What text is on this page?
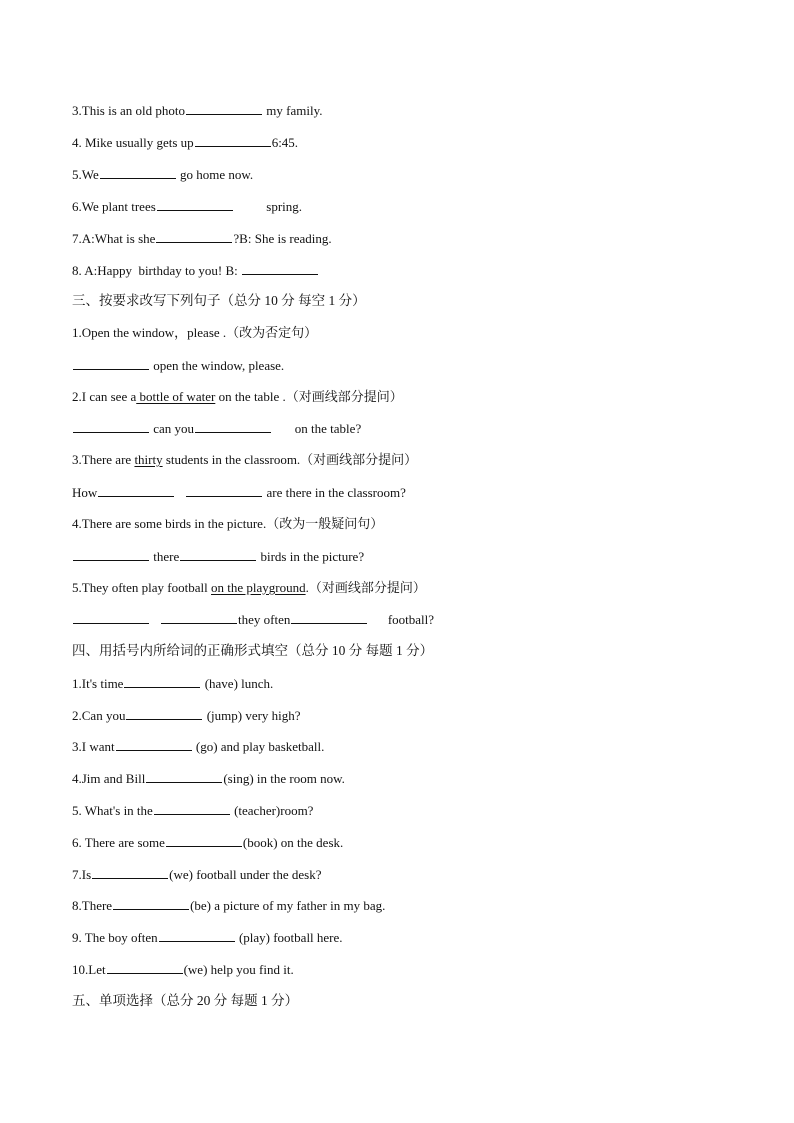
3.This is an old photo	my family.
4. Mike usually gets up	6:45.
5.We	go home now.
6.We plant trees	spring.
7.A:What is she	?B: She is reading.
8. A:Happy  birthday to you! B:
三、按要求改写下列句子（总分 10 分 每空 1 分）
1.Open the window，please .（改为否定句）
open the window, please.
2.I can see a bottle of water on the table .（对画线部分提问）
can you	on the table?
3.There are thirty students in the classroom.（对画线部分提问）
How	are there in the classroom?
4.There are some birds in the picture.（改为一般疑问句）
there	birds in the picture?
5.They often play football on the playground.（对画线部分提问）
they often	football?
四、用括号内所给词的正确形式填空（总分 10 分 每题 1 分）
1.It's time	(have) lunch.
2.Can you	(jump) very high?
3.I want	(go) and play basketball.
4.Jim and Bill	(sing) in the room now.
5. What's in the	(teacher)room?
6. There are some	(book) on the desk.
7.Is	(we) football under the desk?
8.There	(be) a picture of my father in my bag.
9. The boy often	(play) football here.
10.Let	(we) help you find it.
五、单项选择（总分 20 分 每题 1 分）
